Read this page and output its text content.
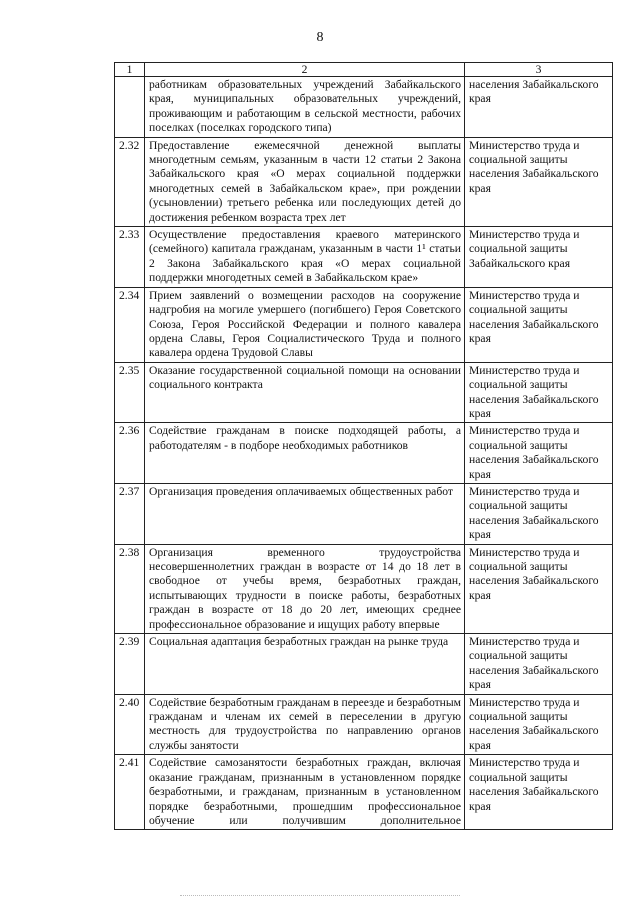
8
1	2	3
	работникам образовательных учреждений Забайкальского края, муниципальных образовательных учреждений, проживающим и работающим в сельской местности, рабочих поселках (поселках городского типа)	населения Забайкальского края
2.32	Предоставление ежемесячной денежной выплаты многодетным семьям, указанным в части 12 статьи 2 Закона Забайкальского края «О мерах социальной поддержки многодетных семей в Забайкальском крае», при рождении (усыновлении) третьего ребенка или последующих детей до достижения ребенком возраста трех лет	Министерство труда и социальной защиты населения Забайкальского края
2.33	Осуществление предоставления краевого материнского (семейного) капитала гражданам, указанным в части 1¹ статьи 2 Закона Забайкальского края «О мерах социальной поддержки многодетных семей в Забайкальском крае»	Министерство труда и социальной защиты Забайкальского края
2.34	Прием заявлений о возмещении расходов на сооружение надгробия на могиле умершего (погибшего) Героя Советского Союза, Героя Российской Федерации и полного кавалера ордена Славы, Героя Социалистического Труда и полного кавалера ордена Трудовой Славы	Министерство труда и социальной защиты населения Забайкальского края
2.35	Оказание государственной социальной помощи на основании социального контракта	Министерство труда и социальной защиты населения Забайкальского края
2.36	Содействие гражданам в поиске подходящей работы, а работодателям - в подборе необходимых работников	Министерство труда и социальной защиты населения Забайкальского края
2.37	Организация проведения оплачиваемых общественных работ	Министерство труда и социальной защиты населения Забайкальского края
2.38	Организация временного трудоустройства несовершеннолетних граждан в возрасте от 14 до 18 лет в свободное от учебы время, безработных граждан, испытывающих трудности в поиске работы, безработных граждан в возрасте от 18 до 20 лет, имеющих среднее профессиональное образование и ищущих работу впервые	Министерство труда и социальной защиты населения Забайкальского края
2.39	Социальная адаптация безработных граждан на рынке труда	Министерство труда и социальной защиты населения Забайкальского края
2.40	Содействие безработным гражданам в переезде и безработным гражданам и членам их семей в переселении в другую местность для трудоустройства по направлению органов службы занятости	Министерство труда и социальной защиты населения Забайкальского края
2.41	Содействие самозанятости безработных граждан, включая оказание гражданам, признанным в установленном порядке безработными, и гражданам, признанным в установленном порядке безработными, прошедшим профессиональное обучение или получившим дополнительное	Министерство труда и социальной защиты населения Забайкальского края
